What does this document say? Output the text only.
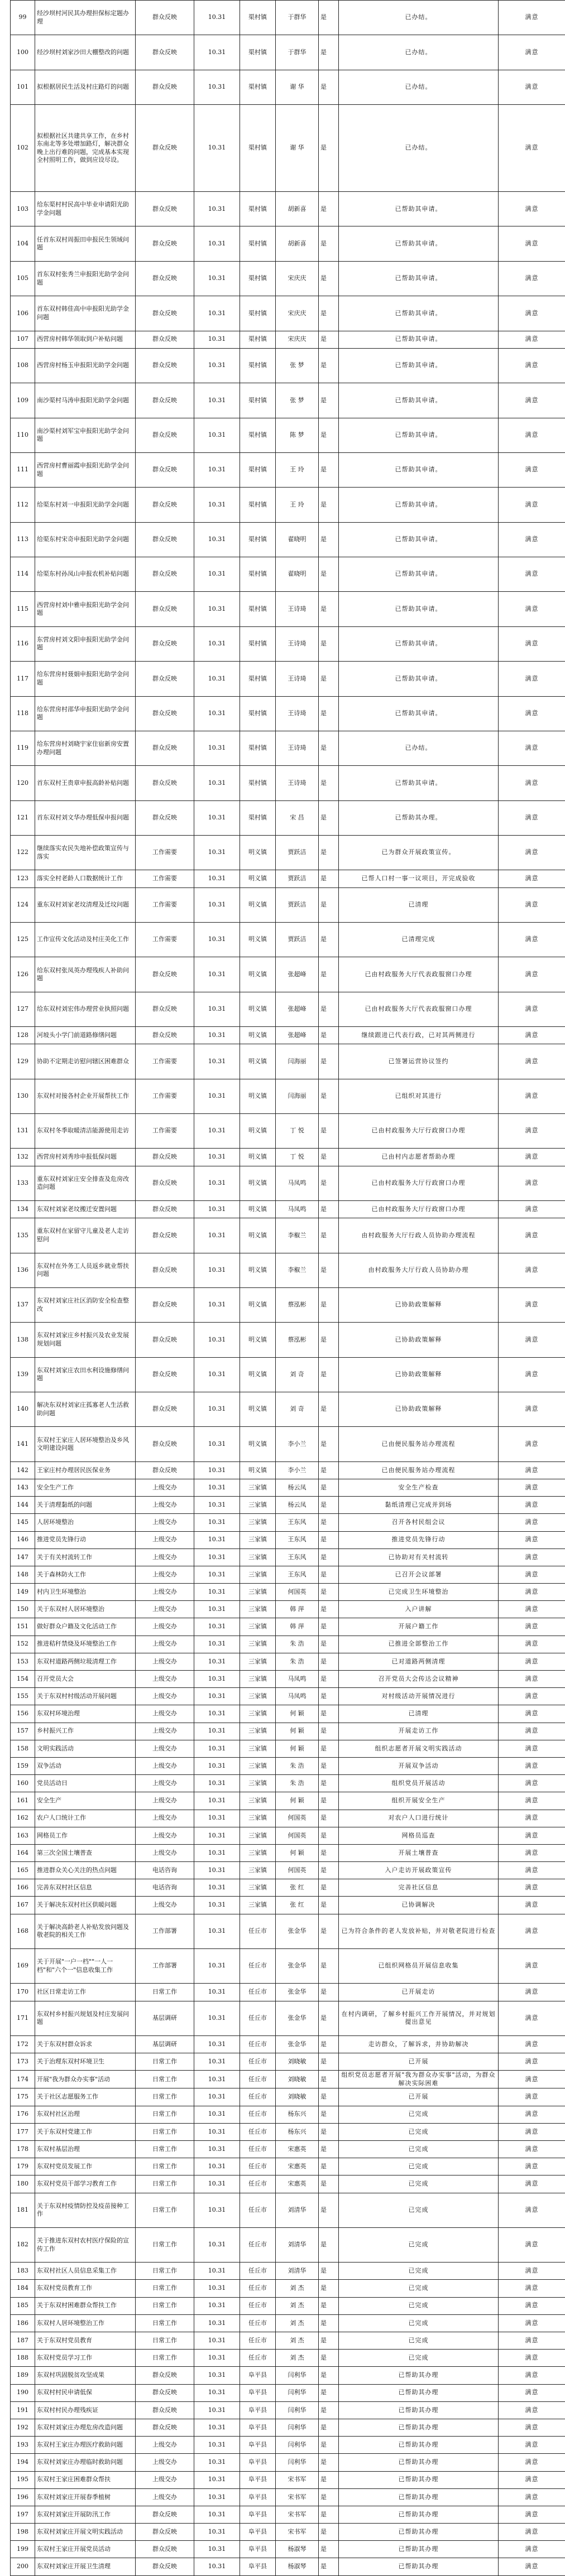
99	经沙坝村河民其办理担保标定题办理	群众反映	10.31	渠村镇	于群华	是	已办结。	满意
100	经沙坝村刘家沙田大棚整改的问题	群众反映	10.31	渠村镇	于群华	是	已办结。	满意
101	拟根据居民生活及村庄路灯的问题	群众反映	10.31	渠村镇	谢 华	是	已办结。	满意
102	拟根据社区共建共享工作，在乡村东南北等多处增加路灯，解决群众晚上出行难的问题，完成基本实现全村照明工作，做到应设尽设。	群众反映	10.31	渠村镇	谢 华	是	已办结。	满意
103	给东渠村村民高中毕业申请阳光助学金问题	群众反映	10.31	渠村镇	胡新喜	是	已帮助其申请。	满意
104	任首东双村周振田申报民生领域问题	群众反映	10.31	渠村镇	胡新喜	是	已帮助其申请。	满意
105	首东双村张秀兰申报阳光助学金问题	群众反映	10.31	渠村镇	宋庆庆	是	已帮助其申请。	满意
106	首东双村韩佳高中申报阳光助学金问题	群众反映	10.31	渠村镇	宋庆庆	是	已帮助其申请。	满意
107	西营房村韩华领取到户补贴问题	群众反映	10.31	渠村镇	宋庆庆	是	已帮助其申请。	满意
108	西营房村杨玉申报阳光助学金问题	群众反映	10.31	渠村镇	张 梦	是	已帮助其申请。	满意
109	南沙渠村马涛申报阳光助学金问题	群众反映	10.31	渠村镇	张 梦	是	已帮助其申请。	满意
110	南沙渠村刘军宝申报阳光助学金问题	群众反映	10.31	渠村镇	陈 梦	是	已帮助其申请。	满意
111	西营房村曹丽霞申报阳光助学金问题	群众反映	10.31	渠村镇	王 玲	是	已帮助其申请。	满意
112	给渠东村刘一申报阳光助学金问题	群众反映	10.31	渠村镇	王 玲	是	已帮助其申请。	满意
113	给渠东村宋奇申报阳光助学金问题	群众反映	10.31	渠村镇	翟晓明	是	已帮助其申请。	满意
114	给渠东村孙凤山申报农机补贴问题	群众反映	10.31	渠村镇	翟晓明	是	已帮助其申请。	满意
115	西营房村刘中雅申报阳光助学金问题	群众反映	10.31	渠村镇	王诗琦	是	已帮助其申请。	满意
116	东营房村刘文阳申报阳光助学金问题	群众反映	10.31	渠村镇	王诗琦	是	已帮助其申请。	满意
117	给东营房村聂娟申报阳光助学金问题	群众反映	10.31	渠村镇	王诗琦	是	已帮助其申请。	满意
118	给东营房村邵华申报阳光助学金问题	群众反映	10.31	渠村镇	王诗琦	是	已帮助其申请。	满意
119	给东营房村刘晓宇家住宿新房安置办理问题	群众反映	10.31	渠村镇	王诗琦	是	已办结。	满意
120	首东双村王贵章申报高龄补贴问题	群众反映	10.31	渠村镇	王诗琦	是	已帮助其申请。	满意
121	首东双村刘文华办理低保申报问题	群众反映	10.31	渠村镇	宋 昌	是	已帮助其办理。	满意
122	继续落实农民失地补偿政策宣传与落实	工作需要	10.31	明义镇	贾跃洁	是	已为群众开展政策宣传。	满意
123	落实全村老龄人口数据统计工作	工作需要	10.31	明义镇	贾跃洁	是	已帮人口村一事一议项目，开完成验收	满意
124	重东双村刘家老坟清理及迁坟问题	工作需要	10.31	明义镇	贾跃洁	是	已清理	满意
125	工作宣传文化活动及村庄美化工作	工作需要	10.31	明义镇	贾跃洁	是	已清理完成	满意
126	给东双村张凤英办理残疾人补助问题	群众反映	10.31	明义镇	张超峰	是	已由村政服务大厅代表政服窗口办理	满意
127	给东双村刘宏伟办理营业执照问题	群众反映	10.31	明义镇	张超峰	是	已由村政服务大厅代表政服窗口办理	满意
128	河坡头小学门前道路修缮问题	群众反映	10.31	明义镇	张超峰	是	继续跟进已代表行政，已对其两侧进行	满意
129	协助不定期走访慰问辖区困难群众	工作需要	10.31	明义镇	闫海丽	是	已签署运营协议签约	满意
130	东双村对接各村企业开展帮扶工作	工作需要	10.31	明义镇	闫海丽	是	已组织对其进行	满意
131	东双村冬季取暖清洁能源使用走访	工作需要	10.31	明义镇	丁 悦	是	已由村政服务大厅行政窗口办理	满意
132	西营房村刘秀珍申报低保问题	群众反映	10.31	明义镇	丁 悦	是	已由村内志愿者帮助办理	满意
133	重东双村刘家庄安全排查及危房改造问题	群众反映	10.31	明义镇	马凤鸣	是	已由村政服务大厅行政窗口办理	满意
134	东双村刘家老坟搬迁安置问题	群众反映	10.31	明义镇	马凤鸣	是	已由村政服务大厅行政窗口办理	满意
135	重东双村在家留守儿童及老人走访慰问	群众反映	10.31	明义镇	李椒兰	是	由村政服务大厅行政人员协助办理流程	满意
136	东双村在外务工人员返乡就业帮扶问题	群众反映	10.31	明义镇	李椒兰	是	由村政服务大厅行政人员协助办理	满意
137	东双村刘家庄社区消防安全检查整改	群众反映	10.31	明义镇	蔡泓彬	是	已协助政策解释	满意
138	东双村刘家庄乡村振兴及农业发展规划问题	群众反映	10.31	明义镇	蔡泓彬	是	已协助政策解释	满意
139	东双村刘家庄农田水利设施修缮问题	群众反映	10.31	明义镇	刘 奇	是	已协助政策解释	满意
140	解决东双村刘家庄孤寡老人生活救助问题	群众反映	10.31	明义镇	刘 奇	是	已协助政策解释	满意
141	东双村王家庄人居环境整治及乡风文明建设问题	群众反映	10.31	明义镇	李小兰	是	已由便民服务站办理流程	满意
142	王家庄村办理居民医保业务	群众反映	10.31	明义镇	李小兰	是	已由便民服务站办理流程	满意
143	安全生产工作	上级交办	10.31	三家镇	杨云凤	是	安全生产检查	满意
144	关于清理黏纸的问题	上级交办	10.31	三家镇	杨云凤	是	黏纸清理已完成并到场	满意
145	人居环境整治	上级交办	10.31	三家镇	王东风	是	召开各村民组会议	满意
146	推进党员先锋行动	上级交办	10.31	三家镇	王东风	是	推进党员先锋行动	满意
147	关于有关村流转工作	上级交办	10.31	三家镇	王东风	是	已协助对有关村流转	满意
148	关于森林防火工作	上级交办	10.31	三家镇	王东风	是	已召开会议部署	满意
149	村内卫生环境整治	上级交办	10.31	三家镇	何国英	是	已完成卫生环境整治	满意
150	关于东双村人居环境整治	上级交办	10.31	三家镇	韩 萍	是	入户讲解	满意
151	做好群众户籍及文化活动工作	上级交办	10.31	三家镇	韩 萍	是	开展户籍工作	满意
152	推进秸秆禁烧及环境整治工作	上级交办	10.31	三家镇	朱 浩	是	已推进全部整治工作	满意
153	东双村道路两侧垃圾清理工作	上级交办	10.31	三家镇	朱 浩	是	已对道路两侧清理	满意
154	召开党员大会	上级交办	10.31	三家镇	马凤鸣	是	召开党员大会传达会议精神	满意
155	关于东双村村级活动开展问题	上级交办	10.31	三家镇	马凤鸣	是	对村级活动开展情况进行	满意
156	东双村环境治理	上级交办	10.31	三家镇	何 颖	是	已清理	满意
157	乡村振兴工作	上级交办	10.31	三家镇	何 颖	是	开展走访工作	满意
158	文明实践活动	上级交办	10.31	三家镇	何 颖	是	组织志愿者开展文明实践活动	满意
159	双争活动	上级交办	10.31	三家镇	朱 浩	是	开展双争活动	满意
160	党员活动日	上级交办	10.31	三家镇	朱 浩	是	组织党员开展活动	满意
161	安全生产	上级交办	10.31	三家镇	何 颖	是	组织开展安全生产	满意
162	农户人口统计工作	上级交办	10.31	三家镇	何国英	是	对农户人口进行统计	满意
163	网格员工作	上级交办	10.31	三家镇	何国英	是	网格员巡查	满意
164	第三次全国土壤普查	上级交办	10.31	三家镇	何 颖	是	开展土壤普查	满意
165	推进群众关心关注的热点问题	电话咨询	10.31	三家镇	何国英	是	入户走访开展政策宣传	满意
166	完善东双村社区信息	电话咨询	10.31	三家镇	张 红	是	完善社区信息	满意
167	关于解决东双村社区供暖问题	上级交办	10.31	三家镇	张 红	是	已协调解决	满意
168	关于解决高龄老人补贴发放问题及敬老院的相关工作	工作部署	10.31	任丘市	张金华	是	已为符合条件的老人发放补贴，并对敬老院进行检查	满意
169	关于开展"一户一档""一人一档"和"六个一"信息收集工作	工作部署	10.31	任丘市	张金华	是	已组织网格员开展信息收集	满意
170	社区日常走访工作	日常工作	10.31	任丘市	张金华	是	已开展走访	满意
171	东双村乡村振兴规划及村庄发展问题	基层调研	10.31	任丘市	张金华	是	在村内调研，了解乡村振兴工作开展情况，并对规划提出意见	满意
172	关于东双村群众诉求	基层调研	10.31	任丘市	张金华	是	走访群众，了解诉求，并协助解决	满意
173	关于治理东双村环境卫生	日常工作	10.31	任丘市	刘晓敏	是	已开展	满意
174	开展"我为群众办实事"活动	日常工作	10.31	任丘市	刘晓敏	是	组织党员志愿者开展"我为群众办实事"活动，为群众解决实际困难	满意
175	关于社区志愿服务工作	日常工作	10.31	任丘市	刘晓敏	是	已开展	满意
176	东双村社区治理	日常工作	10.31	任丘市	杨东兴	是	已完成	满意
177	关于东双村党建工作	日常工作	10.31	任丘市	杨东兴	是	已完成	满意
178	东双村基层治理	日常工作	10.31	任丘市	宋惠英	是	已完成	满意
179	东双村党员发展工作	日常工作	10.31	任丘市	宋惠英	是	已完成	满意
180	东双村党员干部学习教育工作	日常工作	10.31	任丘市	宋惠英	是	已完成	满意
181	关于东双村疫情防控及疫苗接种工作	日常工作	10.31	任丘市	刘清华	是	已完成	满意
182	关于推进东双村农村医疗保险的宣传工作	日常工作	10.31	任丘市	刘清华	是	已完成	满意
183	东双村社区人员信息采集工作	日常工作	10.31	任丘市	刘清华	是	已完成	满意
184	东双村党员教育工作	日常工作	10.31	任丘市	刘 杰	是	已完成	满意
185	关于东双村困难群众帮扶工作	日常工作	10.31	任丘市	刘 杰	是	已完成	满意
186	东双村人居环境整治工作	日常工作	10.31	任丘市	刘 杰	是	已完成	满意
187	关于东双村党员教育	日常工作	10.31	任丘市	刘 杰	是	已完成	满意
188	东双村党员学习工作	日常工作	10.31	任丘市	刘 杰	是	已完成	满意
189	东双村巩固脱贫攻坚成果	群众反映	10.31	阜平县	闫利华	是	已帮助其办理	满意
190	东双村村民申请低保	群众反映	10.31	阜平县	闫利华	是	已帮助其办理	满意
191	东双村村民办理残疾证	群众反映	10.31	阜平县	闫利华	是	已帮助其办理	满意
192	东双村刘家庄办理危房改造问题	群众反映	10.31	阜平县	闫利华	是	已帮助其办理	满意
193	东双村王家庄办理医疗救助问题	上级交办	10.31	阜平县	闫利华	是	已帮助其办理	满意
194	东双村刘家庄办理临时救助问题	上级交办	10.31	阜平县	闫利华	是	已帮助其办理	满意
195	东双村王家庄困难群众帮扶	上级交办	10.31	阜平县	宋书军	是	已帮助其办理	满意
196	东双村刘家庄开展春季植树	上级交办	10.31	阜平县	宋书军	是	已帮助其办理	满意
197	东双村刘家庄开展防汛工作	群众反映	10.31	阜平县	宋书军	是	已帮助其办理	满意
198	东双村刘家庄开展文明实践活动	群众反映	10.31	阜平县	宋书军	是	已帮助其办理	满意
199	东双村王家庄开展党员活动	群众反映	10.31	阜平县	杨淑琴	是	已帮助其办理	满意
200	东双村刘家庄开展卫生清理	群众反映	10.31	阜平县	杨淑琴	是	已帮助其办理	满意
